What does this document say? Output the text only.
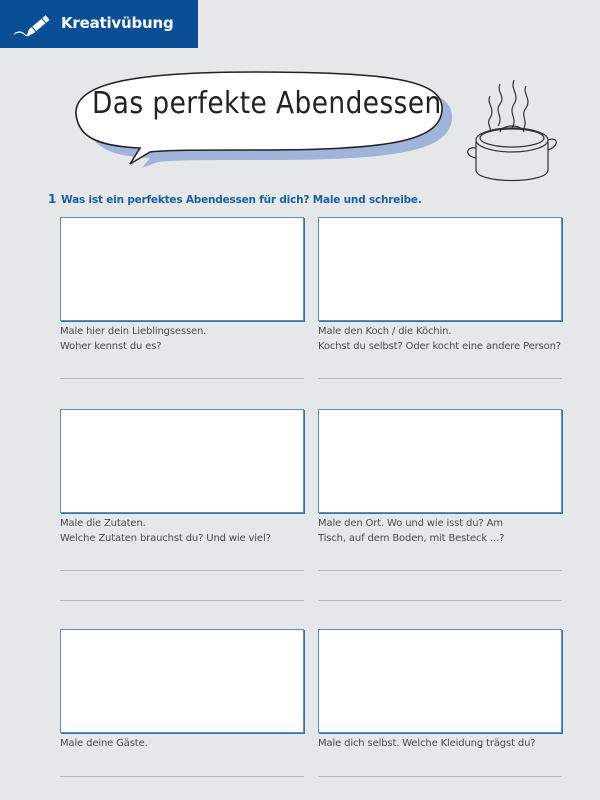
Kreativübung
Das perfekte Abendessen
1 Was ist ein perfektes Abendessen für dich? Male und schreibe.
Male hier dein Lieblingsessen.
Woher kennst du es?
Male den Koch / die Köchin.
Kochst du selbst? Oder kocht eine andere Person?
Male die Zutaten.
Welche Zutaten brauchst du? Und wie viel?
Male den Ort. Wo und wie isst du? Am
Tisch, auf dem Boden, mit Besteck ...?
Male deine Gäste.	Male dich selbst. Welche Kleidung trägst du?
